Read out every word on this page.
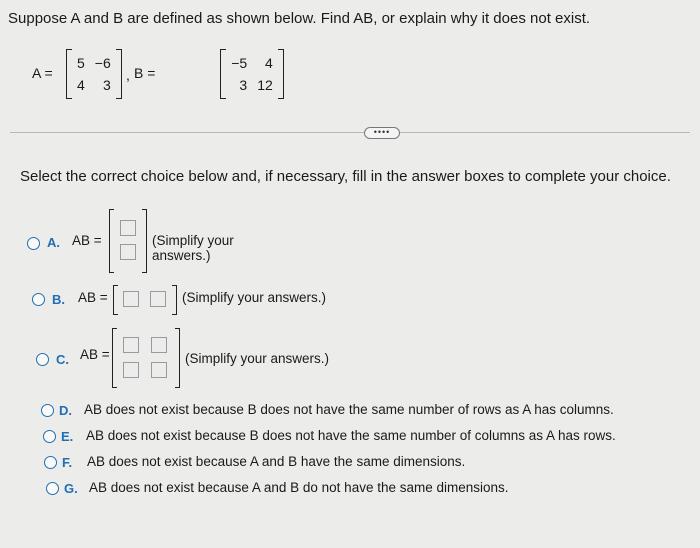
Suppose A and B are defined as shown below. Find AB, or explain why it does not exist.
A =
5 −6
4 3

, B =
−5 4
3 12
••••
Select the correct choice below and, if necessary, fill in the answer boxes to complete your choice.
A. AB =	(Simplify your answers.)
B. AB =	(Simplify your answers.)
C. AB =	(Simplify your answers.)
D. AB does not exist because B does not have the same number of rows as A has columns.
E. AB does not exist because B does not have the same number of columns as A has rows.
F. AB does not exist because A and B have the same dimensions.
G. AB does not exist because A and B do not have the same dimensions.
